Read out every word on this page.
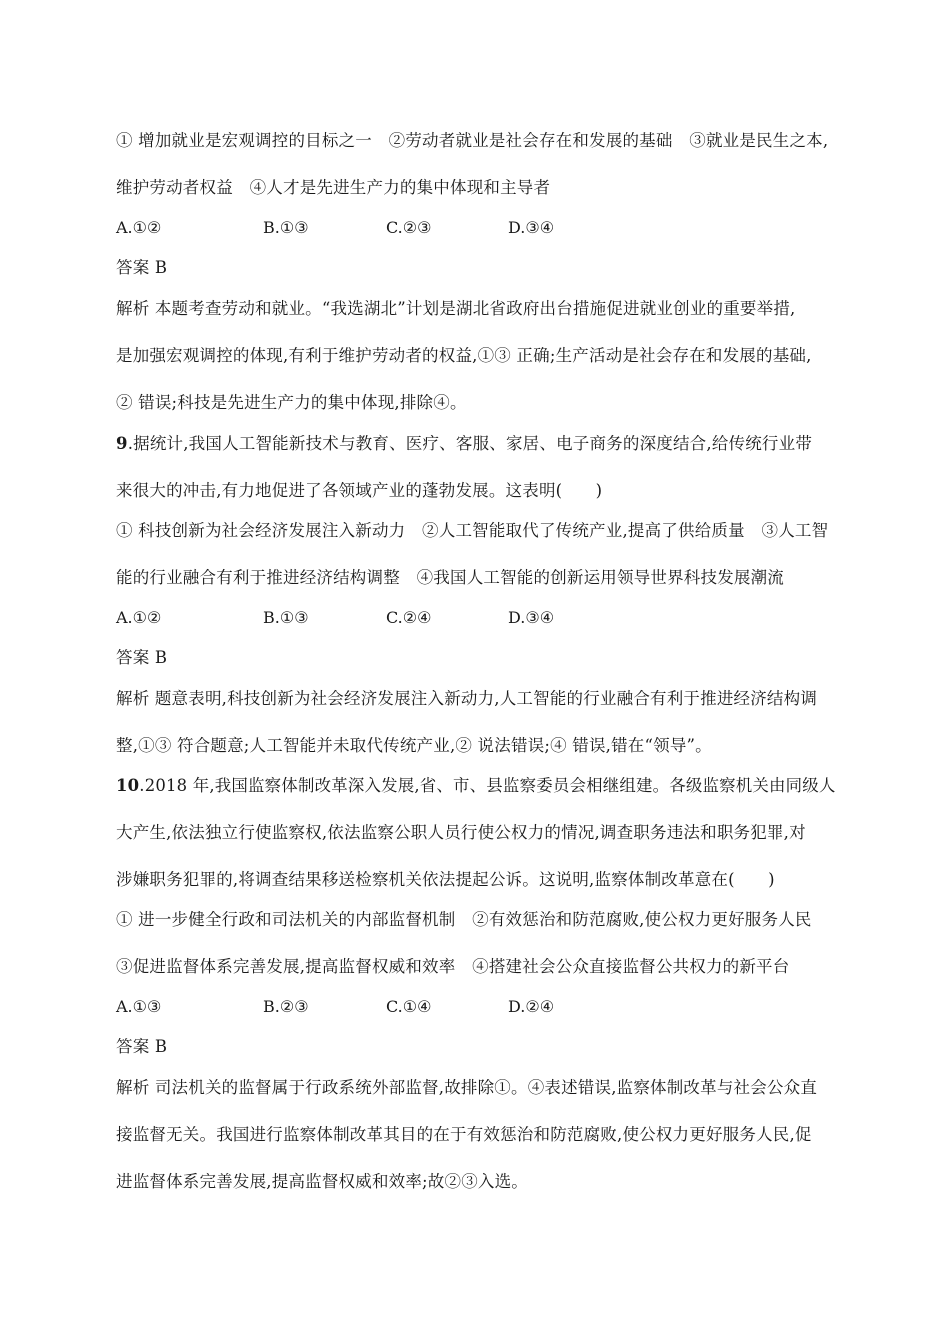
① 增加就业是宏观调控的目标之一　②劳动者就业是社会存在和发展的基础　③就业是民生之本,
维护劳动者权益　④人才是先进生产力的集中体现和主导者
A.①②	B.①③	C.②③	D.③④
答案 B
解析 本题考查劳动和就业。“我选湖北”计划是湖北省政府出台措施促进就业创业的重要举措,
是加强宏观调控的体现,有利于维护劳动者的权益,①③ 正确;生产活动是社会存在和发展的基础,
② 错误;科技是先进生产力的集中体现,排除④。
9.据统计,我国人工智能新技术与教育、医疗、客服、家居、电子商务的深度结合,给传统行业带
来很大的冲击,有力地促进了各领域产业的蓬勃发展。这表明(　　)
① 科技创新为社会经济发展注入新动力　②人工智能取代了传统产业,提高了供给质量　③人工智
能的行业融合有利于推进经济结构调整　④我国人工智能的创新运用领导世界科技发展潮流
A.①②	B.①③	C.②④	D.③④
答案 B
解析 题意表明,科技创新为社会经济发展注入新动力,人工智能的行业融合有利于推进经济结构调
整,①③ 符合题意;人工智能并未取代传统产业,② 说法错误;④ 错误,错在“领导”。
10.2018 年,我国监察体制改革深入发展,省、市、县监察委员会相继组建。各级监察机关由同级人
大产生,依法独立行使监察权,依法监察公职人员行使公权力的情况,调查职务违法和职务犯罪,对
涉嫌职务犯罪的,将调查结果移送检察机关依法提起公诉。这说明,监察体制改革意在(　　)
① 进一步健全行政和司法机关的内部监督机制　②有效惩治和防范腐败,使公权力更好服务人民
③促进监督体系完善发展,提高监督权威和效率　④搭建社会公众直接监督公共权力的新平台
A.①③	B.②③	C.①④	D.②④
答案 B
解析 司法机关的监督属于行政系统外部监督,故排除①。④表述错误,监察体制改革与社会公众直
接监督无关。我国进行监察体制改革其目的在于有效惩治和防范腐败,使公权力更好服务人民,促
进监督体系完善发展,提高监督权威和效率;故②③入选。
